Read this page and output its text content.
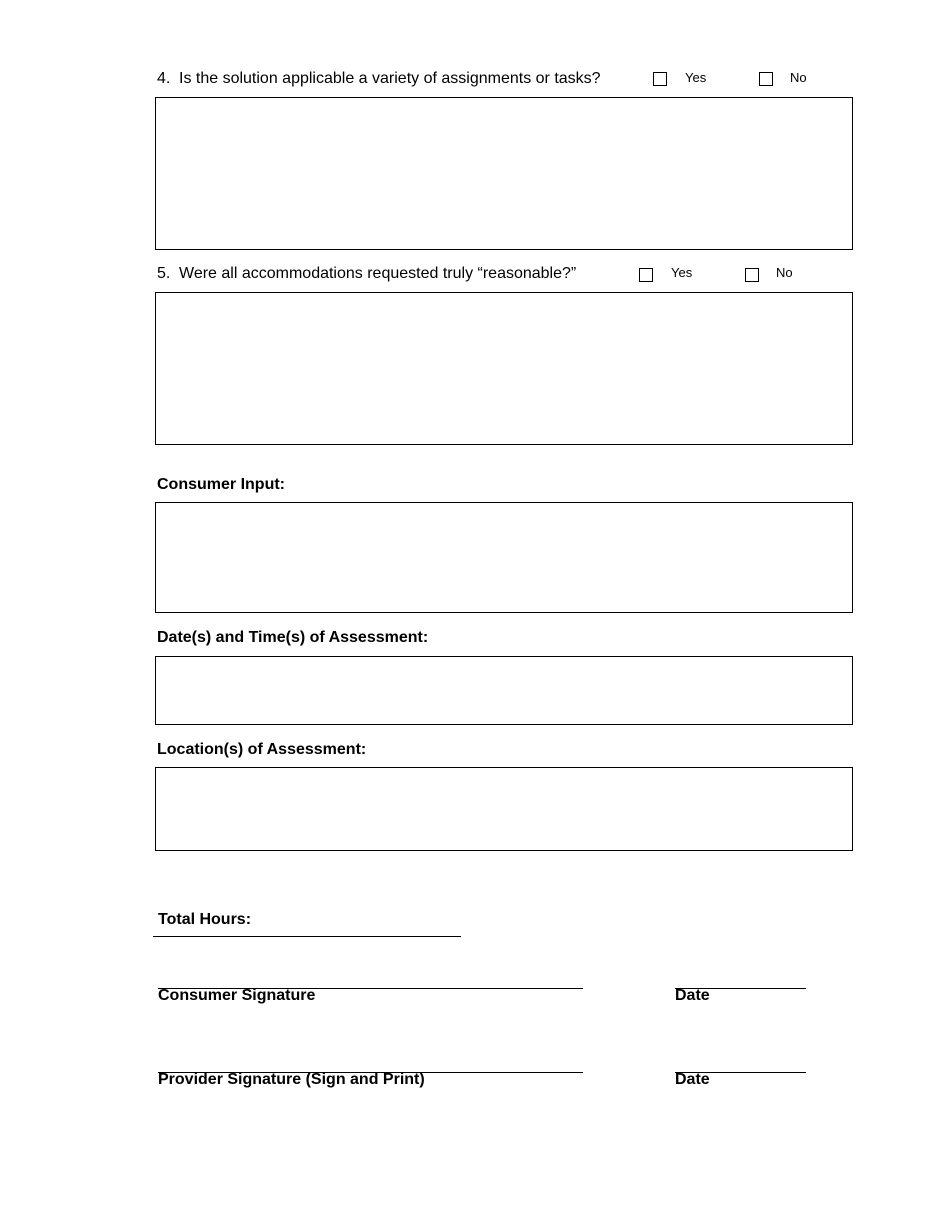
4. Is the solution applicable a variety of assignments or tasks?	Yes	No
5. Were all accommodations requested truly “reasonable?”	Yes	No
Consumer Input:
Date(s) and Time(s) of Assessment:
Location(s) of Assessment:
Total Hours:
Consumer Signature	Date
Provider Signature (Sign and Print)	Date
